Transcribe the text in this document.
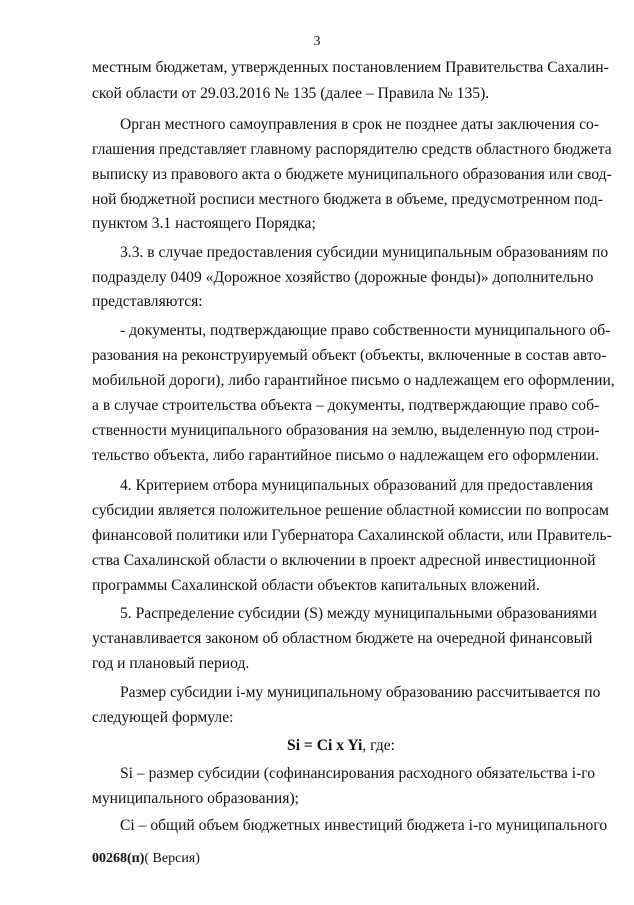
3
местным бюджетам, утвержденных постановлением Правительства Сахалин-
ской области от 29.03.2016 № 135 (далее – Правила № 135).
Орган местного самоуправления в срок не позднее даты заключения со-
глашения представляет главному распорядителю средств областного бюджета
выписку из правового акта о бюджете муниципального образования или свод-
ной бюджетной росписи местного бюджета в объеме, предусмотренном под-
пунктом 3.1 настоящего Порядка;
3.3. в случае предоставления субсидии муниципальным образованиям по
подразделу 0409 «Дорожное хозяйство (дорожные фонды)» дополнительно
представляются:
- документы, подтверждающие право собственности муниципального об-
разования на реконструируемый объект (объекты, включенные в состав авто-
мобильной дороги), либо гарантийное письмо о надлежащем его оформлении,
а в случае строительства объекта – документы, подтверждающие право соб-
ственности муниципального образования на землю, выделенную под строи-
тельство объекта, либо гарантийное письмо о надлежащем его оформлении.
4. Критерием отбора муниципальных образований для предоставления
субсидии является положительное решение областной комиссии по вопросам
финансовой политики или Губернатора Сахалинской области, или Правитель-
ства Сахалинской области о включении в проект адресной инвестиционной
программы Сахалинской области объектов капитальных вложений.
5. Распределение субсидии (S) между муниципальными образованиями
устанавливается законом об областном бюджете на очередной финансовый
год и плановый период.
Размер субсидии i-му муниципальному образованию рассчитывается по
следующей формуле:
Si = Ci x Yi, где:
Si – размер субсидии (софинансирования расходного обязательства i-го
муниципального образования);
Ci – общий объем бюджетных инвестиций бюджета i-го муниципального
00268(п)( Версия)
